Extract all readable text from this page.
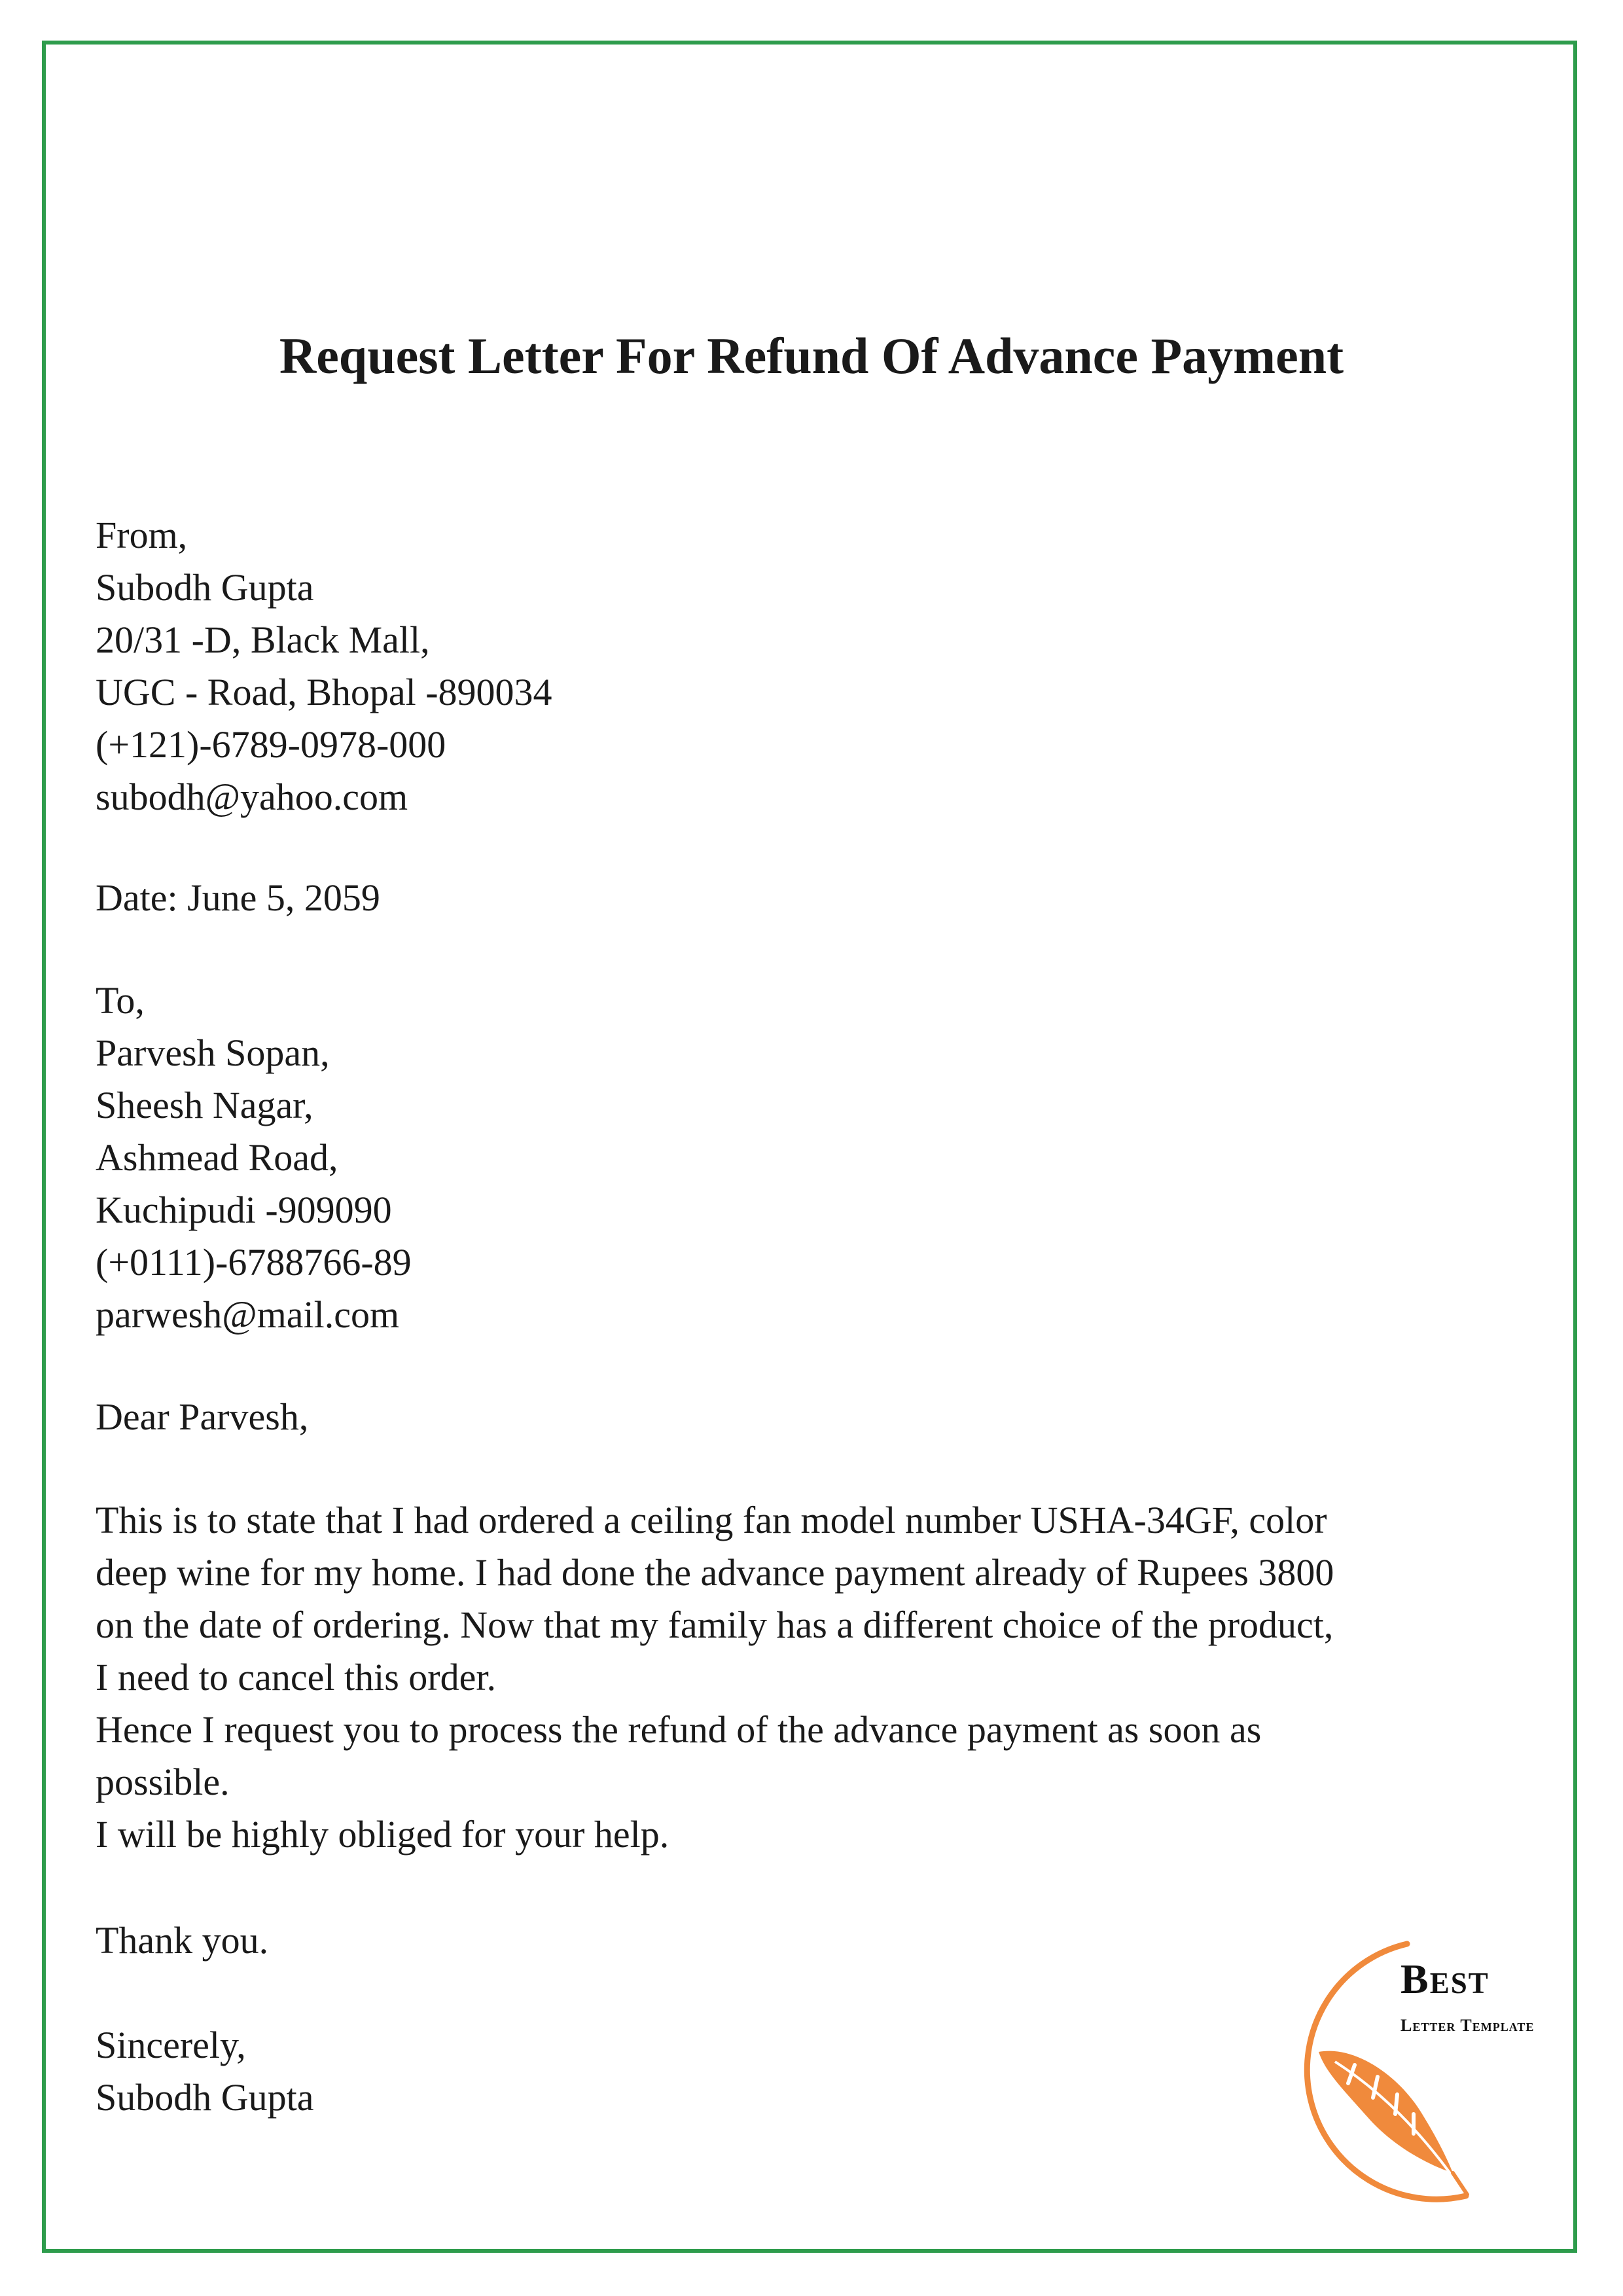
Request Letter For Refund Of Advance Payment
From,
Subodh Gupta
20/31 -D, Black Mall,
UGC - Road, Bhopal -890034
(+121)-6789-0978-000
subodh@yahoo.com
Date: June 5, 2059
To,
Parvesh Sopan,
Sheesh Nagar,
Ashmead Road,
Kuchipudi -909090
(+0111)-6788766-89
parwesh@mail.com
Dear Parvesh,
This is to state that I had ordered a ceiling fan model number USHA-34GF, color
deep wine for my home. I had done the advance payment already of Rupees 3800
on the date of ordering. Now that my family has a different choice of the product,
I need to cancel this order.
Hence I request you to process the refund of the advance payment as soon as
possible.
I will be highly obliged for your help.
Thank you.
Sincerely,
Subodh Gupta
Best
Letter Template
